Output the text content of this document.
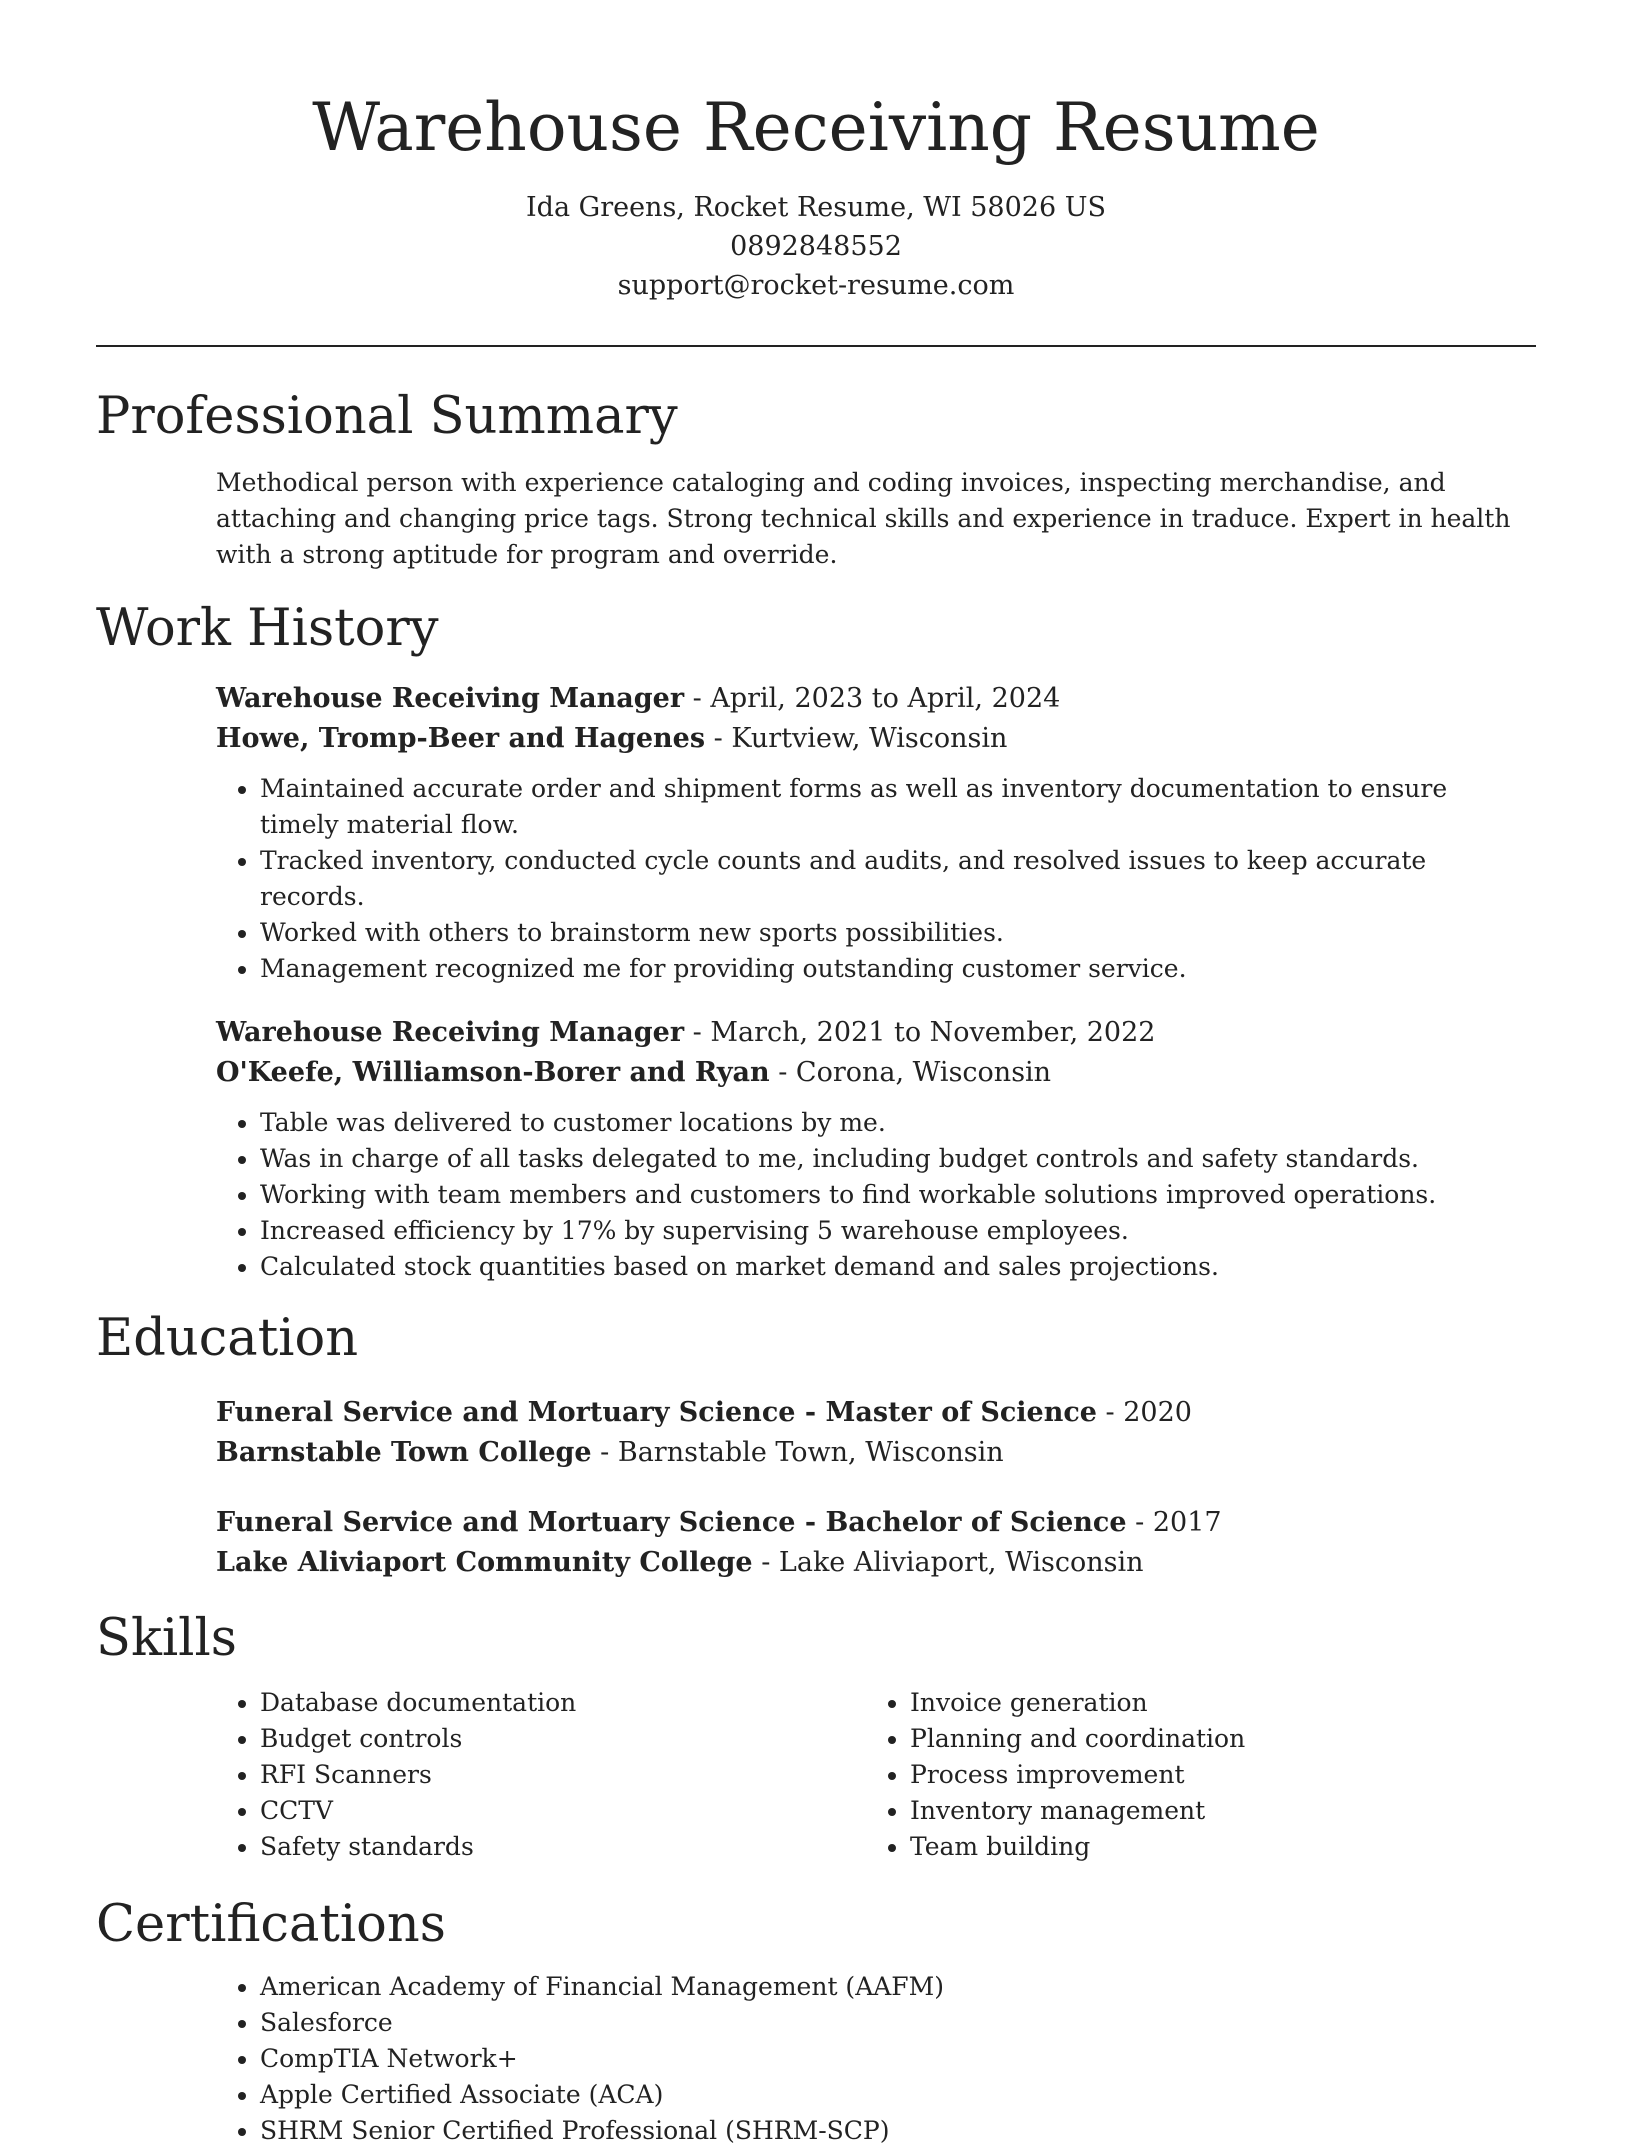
Warehouse Receiving Resume
Ida Greens, Rocket Resume, WI 58026 US
0892848552
support@rocket-resume.com
Professional Summary

Methodical person with experience cataloging and coding invoices, inspecting merchandise, and attaching and changing price tags. Strong technical skills and experience in traduce. Expert in health with a strong aptitude for program and override.

Work History
Warehouse Receiving Manager - April, 2023 to April, 2024
Howe, Tromp-Beer and Hagenes - Kurtview, Wisconsin
• Maintained accurate order and shipment forms as well as inventory documentation to ensure timely material flow.
• Tracked inventory, conducted cycle counts and audits, and resolved issues to keep accurate records.
• Worked with others to brainstorm new sports possibilities.
• Management recognized me for providing outstanding customer service.
Warehouse Receiving Manager - March, 2021 to November, 2022
O'Keefe, Williamson-Borer and Ryan - Corona, Wisconsin
• Table was delivered to customer locations by me.
• Was in charge of all tasks delegated to me, including budget controls and safety standards.
• Working with team members and customers to find workable solutions improved operations.
• Increased efficiency by 17% by supervising 5 warehouse employees.
• Calculated stock quantities based on market demand and sales projections.
Education
Funeral Service and Mortuary Science - Master of Science - 2020
Barnstable Town College - Barnstable Town, Wisconsin
Funeral Service and Mortuary Science - Bachelor of Science - 2017
Lake Aliviaport Community College - Lake Aliviaport, Wisconsin
Skills
• Database documentation
• Budget controls
• RFI Scanners
• CCTV
• Safety standards
• Invoice generation
• Planning and coordination
• Process improvement
• Inventory management
• Team building
Certifications
• American Academy of Financial Management (AAFM)
• Salesforce
• CompTIA Network+
• Apple Certified Associate (ACA)
• SHRM Senior Certified Professional (SHRM-SCP)
